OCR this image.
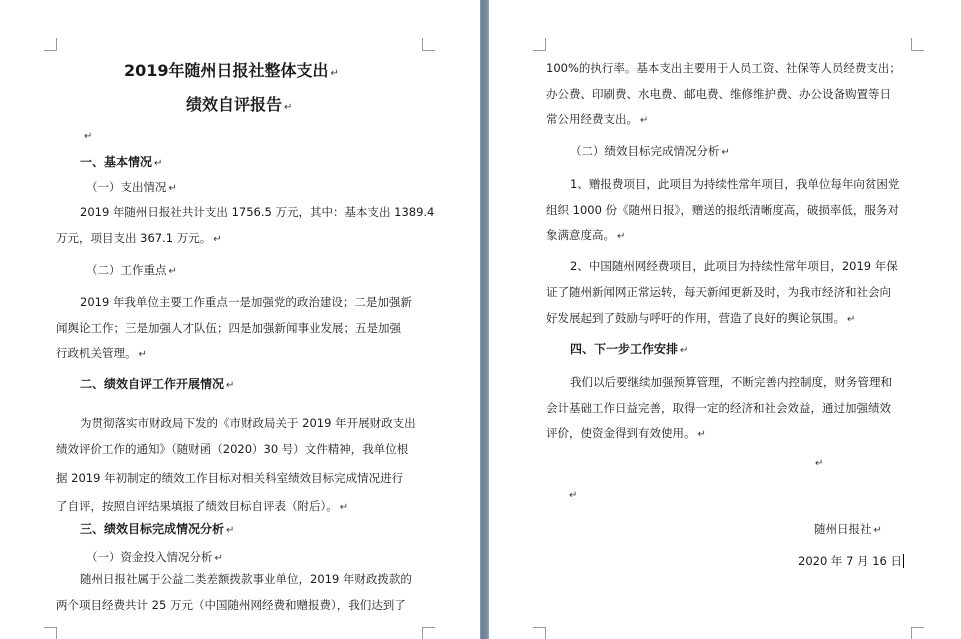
2019年随州日报社整体支出 ↵
绩效自评报告 ↵
↵
一、基本情况 ↵
（一）支出情况 ↵
2019 年随州日报社共计支出 1756.5 万元，其中：基本支出 1389.4
万元，项目支出 367.1 万元。 ↵
（二）工作重点 ↵
2019 年我单位主要工作重点一是加强党的政治建设；二是加强新
闻舆论工作；三是加强人才队伍；四是加强新闻事业发展；五是加强
行政机关管理。 ↵
二、绩效自评工作开展情况 ↵
为贯彻落实市财政局下发的《市财政局关于 2019 年开展财政支出
绩效评价工作的通知》（随财函（2020）30 号）文件精神，我单位根
据 2019 年初制定的绩效工作目标对相关科室绩效目标完成情况进行
了自评，按照自评结果填报了绩效目标自评表（附后）。 ↵
三、绩效目标完成情况分析 ↵
（一）资金投入情况分析 ↵
随州日报社属于公益二类差额拨款事业单位，2019 年财政拨款的
两个项目经费共计 25 万元（中国随州网经费和赠报费），我们达到了
100%的执行率。基本支出主要用于人员工资、社保等人员经费支出；
办公费、印刷费、水电费、邮电费、维修维护费、办公设备购置等日
常公用经费支出。 ↵
（二）绩效目标完成情况分析 ↵
1、赠报费项目，此项目为持续性常年项目，我单位每年向贫困党
组织 1000 份《随州日报》，赠送的报纸清晰度高，破损率低，服务对
象满意度高。 ↵
2、中国随州网经费项目，此项目为持续性常年项目，2019 年保
证了随州新闻网正常运转，每天新闻更新及时，为我市经济和社会向
好发展起到了鼓励与呼吁的作用，营造了良好的舆论氛围。 ↵
四、下一步工作安排 ↵
我们以后要继续加强预算管理，不断完善内控制度，财务管理和
会计基础工作日益完善，取得一定的经济和社会效益，通过加强绩效
评价，使资金得到有效使用。 ↵
↵
↵
随州日报社 ↵
2020 年 7 月 16 日
